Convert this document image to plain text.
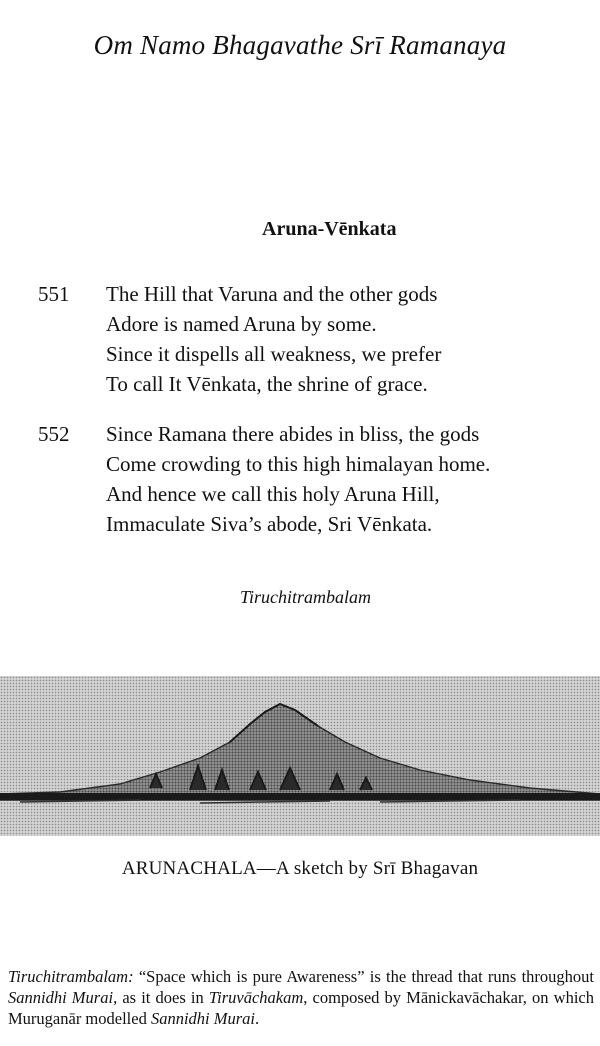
Om Namo Bhagavathe Srī Ramanaya
Aruna-Vēnkata
551	The Hill that Varuna and the other gods
Adore is named Aruna by some.
Since it dispells all weakness, we prefer
To call It Vēnkata, the shrine of grace.
552	Since Ramana there abides in bliss, the gods
Come crowding to this high himalayan home.
And hence we call this holy Aruna Hill,
Immaculate Siva’s abode, Sri Vēnkata.
Tiruchitrambalam
ARUNACHALA—A sketch by Srī Bhagavan
Tiruchitrambalam: “Space which is pure Awareness” is the thread that runs throughout Sannidhi Murai, as it does in Tiruvāchakam, composed by Mānickavāchakar, on which Muruganār modelled Sannidhi Murai.
